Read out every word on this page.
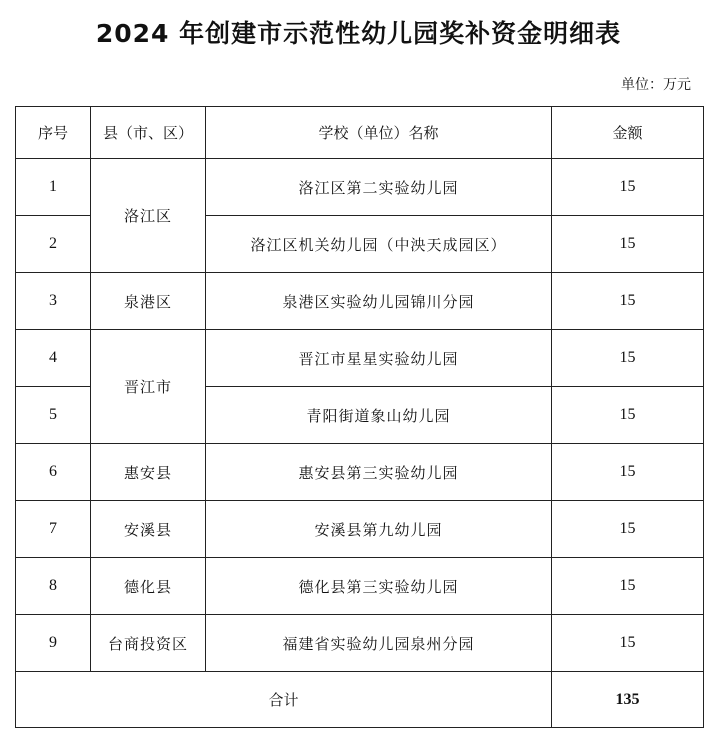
2024 年创建市示范性幼儿园奖补资金明细表
单位：万元
序号	县（市、区）	学校（单位）名称	金额
1	洛江区	洛江区第二实验幼儿园	15
2		洛江区机关幼儿园（中泱天成园区）	15
3	泉港区	泉港区实验幼儿园锦川分园	15
4	晋江市	晋江市星星实验幼儿园	15
5		青阳街道象山幼儿园	15
6	惠安县	惠安县第三实验幼儿园	15
7	安溪县	安溪县第九幼儿园	15
8	德化县	德化县第三实验幼儿园	15
9	台商投资区	福建省实验幼儿园泉州分园	15
合计			135
